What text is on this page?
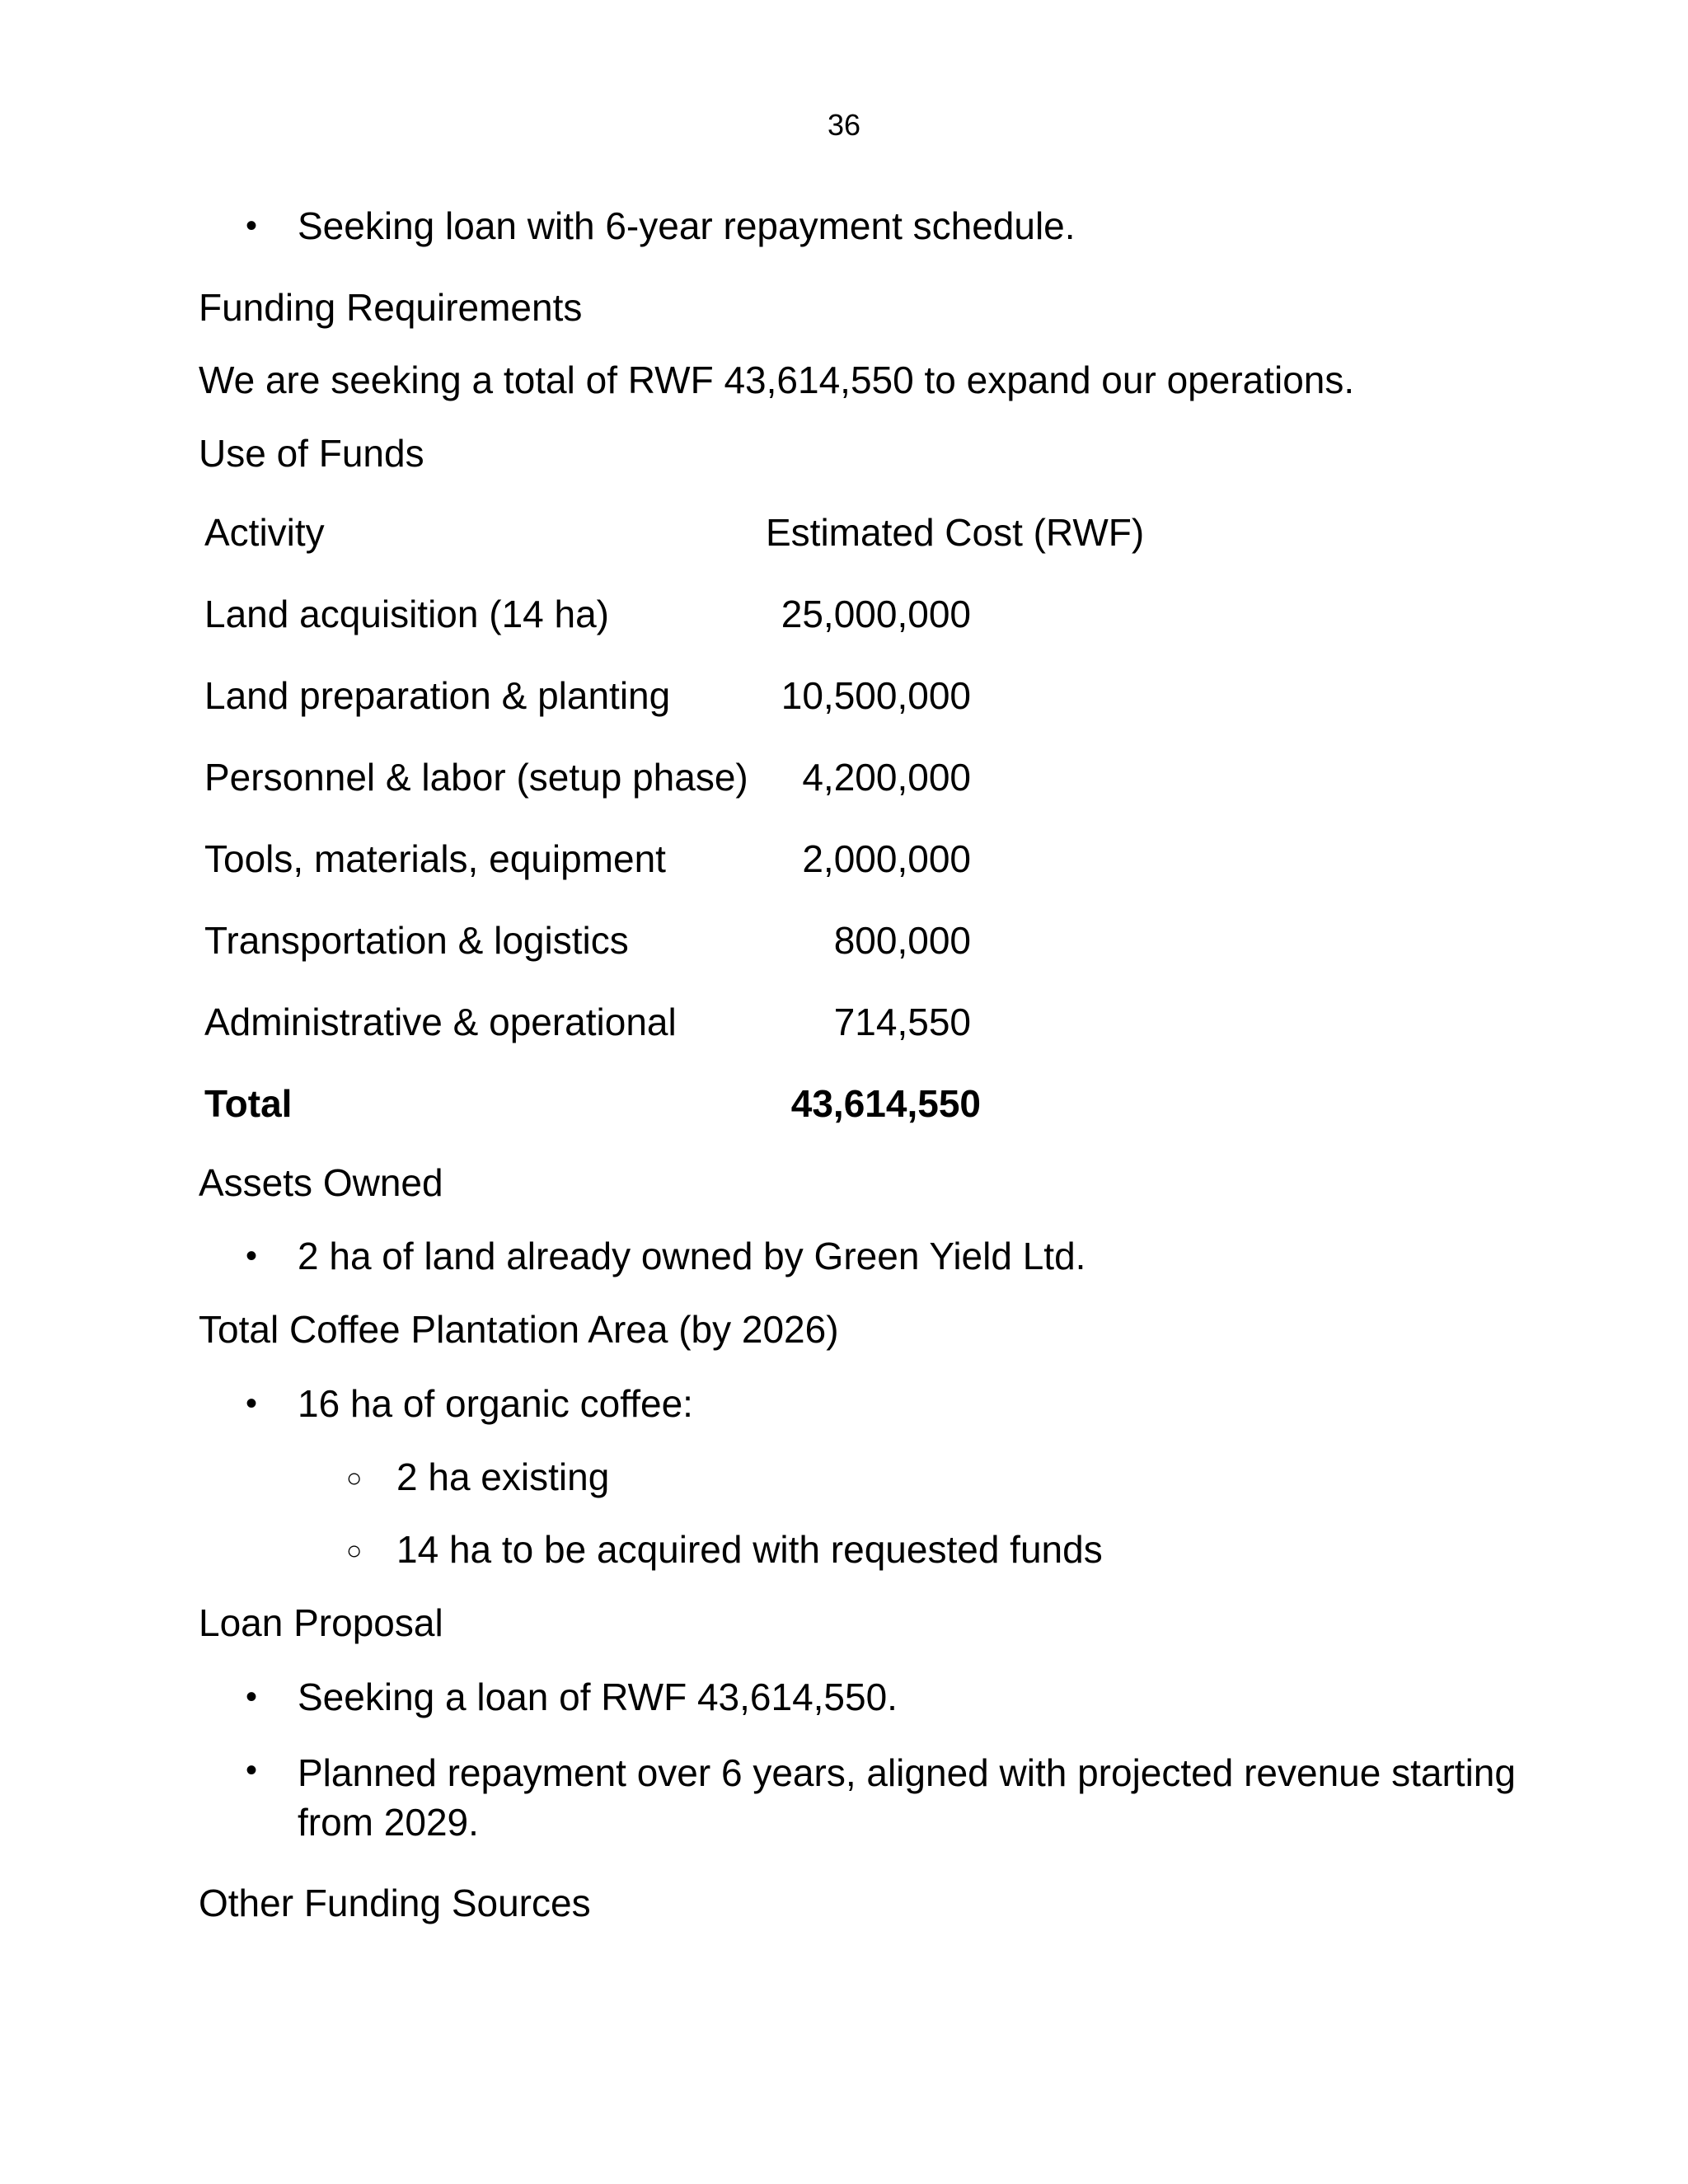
36
• Seeking loan with 6-year repayment schedule.
Funding Requirements
We are seeking a total of RWF 43,614,550 to expand our operations.
Use of Funds
Activity	Estimated Cost (RWF)
Land acquisition (14 ha)	25,000,000
Land preparation & planting	10,500,000
Personnel & labor (setup phase) 4,200,000
Tools, materials, equipment	2,000,000
Transportation & logistics	800,000
Administrative & operational	714,550
Total	43,614,550
Assets Owned
• 2 ha of land already owned by Green Yield Ltd.
Total Coffee Plantation Area (by 2026)
• 16 ha of organic coffee:
○ 2 ha existing
○ 14 ha to be acquired with requested funds
Loan Proposal
• Seeking a loan of RWF 43,614,550.
• Planned repayment over 6 years, aligned with projected revenue starting from 2029.
Other Funding Sources
